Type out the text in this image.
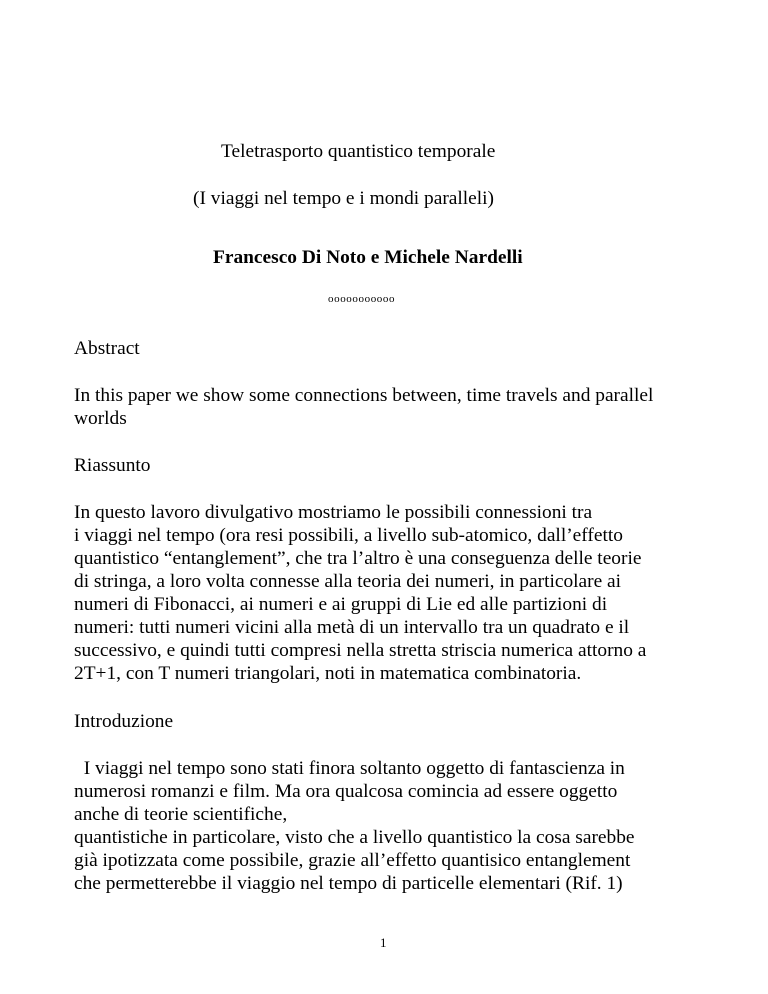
Teletrasporto quantistico temporale
(I viaggi nel tempo e i mondi paralleli)
Francesco Di Noto e Michele Nardelli
ooooooooooo
Abstract
In this paper we show some connections between, time travels and parallel
worlds
Riassunto
In questo lavoro divulgativo mostriamo le possibili connessioni tra
i viaggi nel tempo (ora resi possibili, a livello sub-atomico, dall’effetto
quantistico “entanglement”, che tra l’altro è una conseguenza delle teorie
di stringa, a loro volta connesse alla teoria dei numeri, in particolare ai
numeri di Fibonacci, ai numeri e ai gruppi di Lie ed alle partizioni di
numeri: tutti numeri vicini alla metà di un intervallo tra un quadrato e il
successivo, e quindi tutti compresi nella stretta striscia numerica attorno a
2T+1, con T numeri triangolari, noti in matematica combinatoria.
Introduzione
I viaggi nel tempo sono stati finora soltanto oggetto di fantascienza in
numerosi romanzi e film. Ma ora qualcosa comincia ad essere oggetto
anche di teorie scientifiche,
quantistiche in particolare, visto che a livello quantistico la cosa sarebbe
già ipotizzata come possibile, grazie all’effetto quantisico entanglement
che permetterebbe il viaggio nel tempo di particelle elementari (Rif. 1)
1
